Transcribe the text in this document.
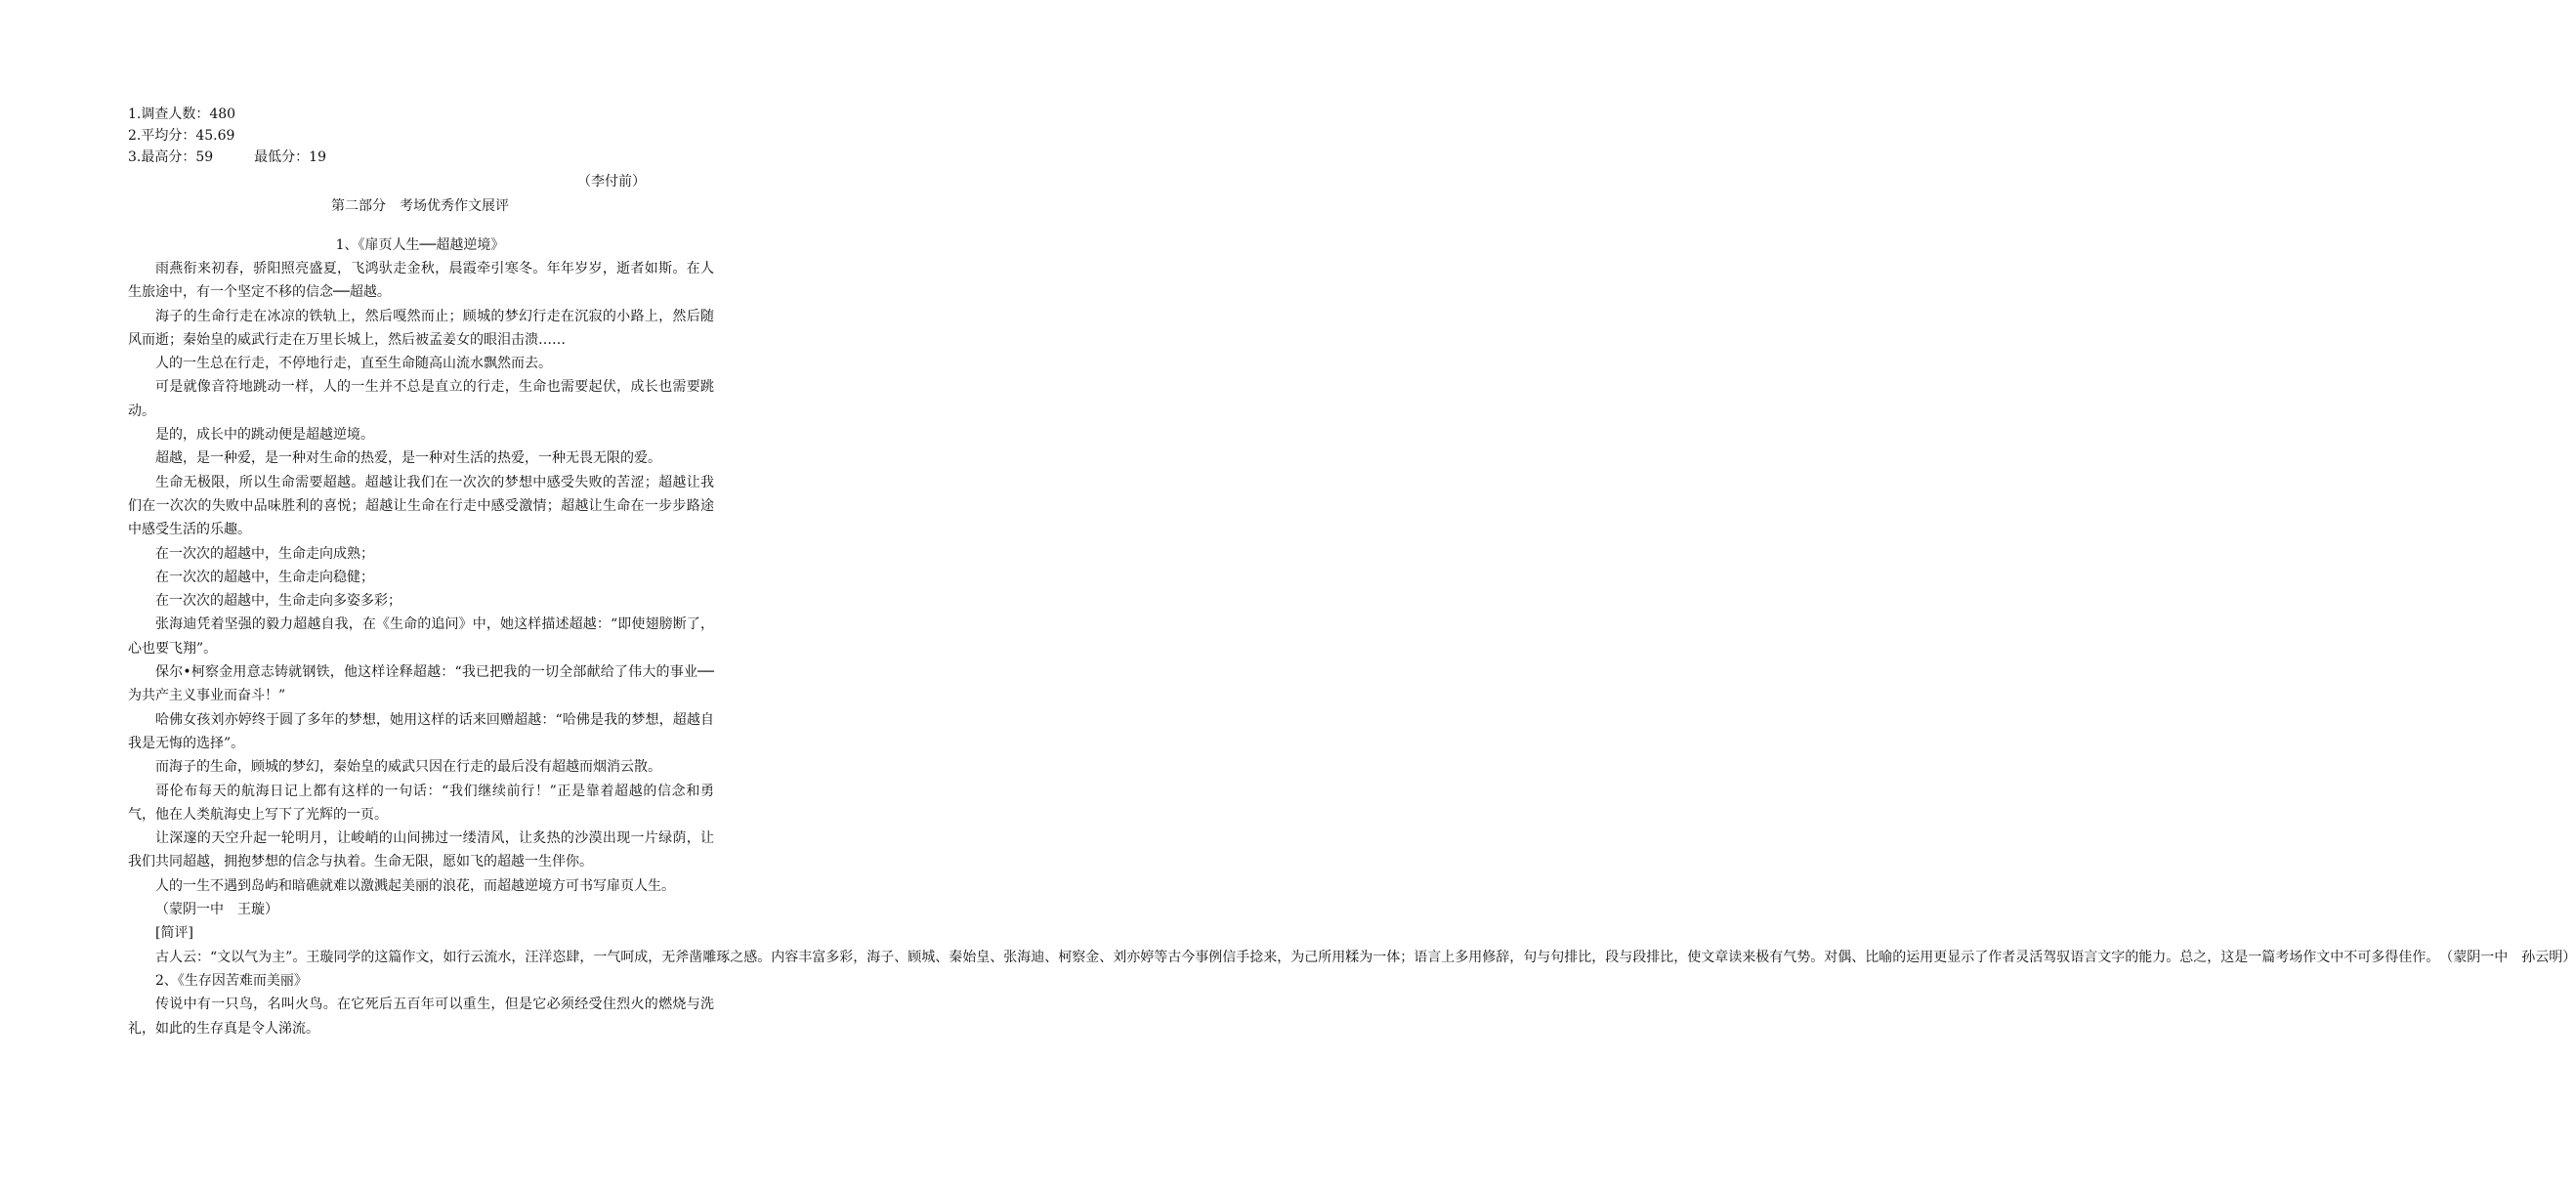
1.调查人数：480
2.平均分：45.69
3.最高分：59　　　最低分：19
（李付前）
第二部分　考场优秀作文展评
1、《扉页人生──超越逆境》

雨燕衔来初春，骄阳照亮盛夏，飞鸿驮走金秋，晨霞牵引寒冬。年年岁岁，逝者如斯。在人生旅途中，有一个坚定不移的信念──超越。

海子的生命行走在冰凉的铁轨上，然后嘎然而止；顾城的梦幻行走在沉寂的小路上，然后随风而逝；秦始皇的威武行走在万里长城上，然后被孟姜女的眼泪击溃……

人的一生总在行走，不停地行走，直至生命随高山流水飘然而去。

可是就像音符地跳动一样，人的一生并不总是直立的行走，生命也需要起伏，成长也需要跳动。

是的，成长中的跳动便是超越逆境。

超越，是一种爱，是一种对生命的热爱，是一种对生活的热爱，一种无畏无限的爱。

生命无极限，所以生命需要超越。超越让我们在一次次的梦想中感受失败的苦涩；超越让我们在一次次的失败中品味胜利的喜悦；超越让生命在行走中感受激情；超越让生命在一步步路途中感受生活的乐趣。

在一次次的超越中，生命走向成熟；

在一次次的超越中，生命走向稳健；

在一次次的超越中，生命走向多姿多彩；

张海迪凭着坚强的毅力超越自我，在《生命的追问》中，她这样描述超越：“即使翅膀断了，心也要飞翔”。

保尔•柯察金用意志铸就钢铁，他这样诠释超越：“我已把我的一切全部献给了伟大的事业──为共产主义事业而奋斗！”

哈佛女孩刘亦婷终于圆了多年的梦想，她用这样的话来回赠超越：“哈佛是我的梦想，超越自我是无悔的选择”。

而海子的生命，顾城的梦幻，秦始皇的威武只因在行走的最后没有超越而烟消云散。

哥伦布每天的航海日记上都有这样的一句话：“我们继续前行！”正是靠着超越的信念和勇气，他在人类航海史上写下了光辉的一页。

让深邃的天空升起一轮明月，让峻峭的山间拂过一缕清风，让炙热的沙漠出现一片绿荫，让我们共同超越，拥抱梦想的信念与执着。生命无限，愿如飞的超越一生伴你。

人的一生不遇到岛屿和暗礁就难以激溅起美丽的浪花，而超越逆境方可书写扉页人生。

（蒙阴一中　王璇）

[简评]

古人云：“文以气为主”。王璇同学的这篇作文，如行云流水，汪洋恣肆，一气呵成，无斧凿雕琢之感。内容丰富多彩，海子、顾城、秦始皇、张海迪、柯察金、刘亦婷等古今事例信手捻来，为己所用糅为一体；语言上多用修辞，句与句排比，段与段排比，使文章读来极有气势。对偶、比喻的运用更显示了作者灵活驾驭语言文字的能力。总之，这是一篇考场作文中不可多得佳作。　（蒙阴一中　孙云明）

2、《生存因苦难而美丽》

传说中有一只鸟，名叫火鸟。在它死后五百年可以重生，但是它必须经受住烈火的燃烧与洗礼，如此的生存真是令人涕流。
